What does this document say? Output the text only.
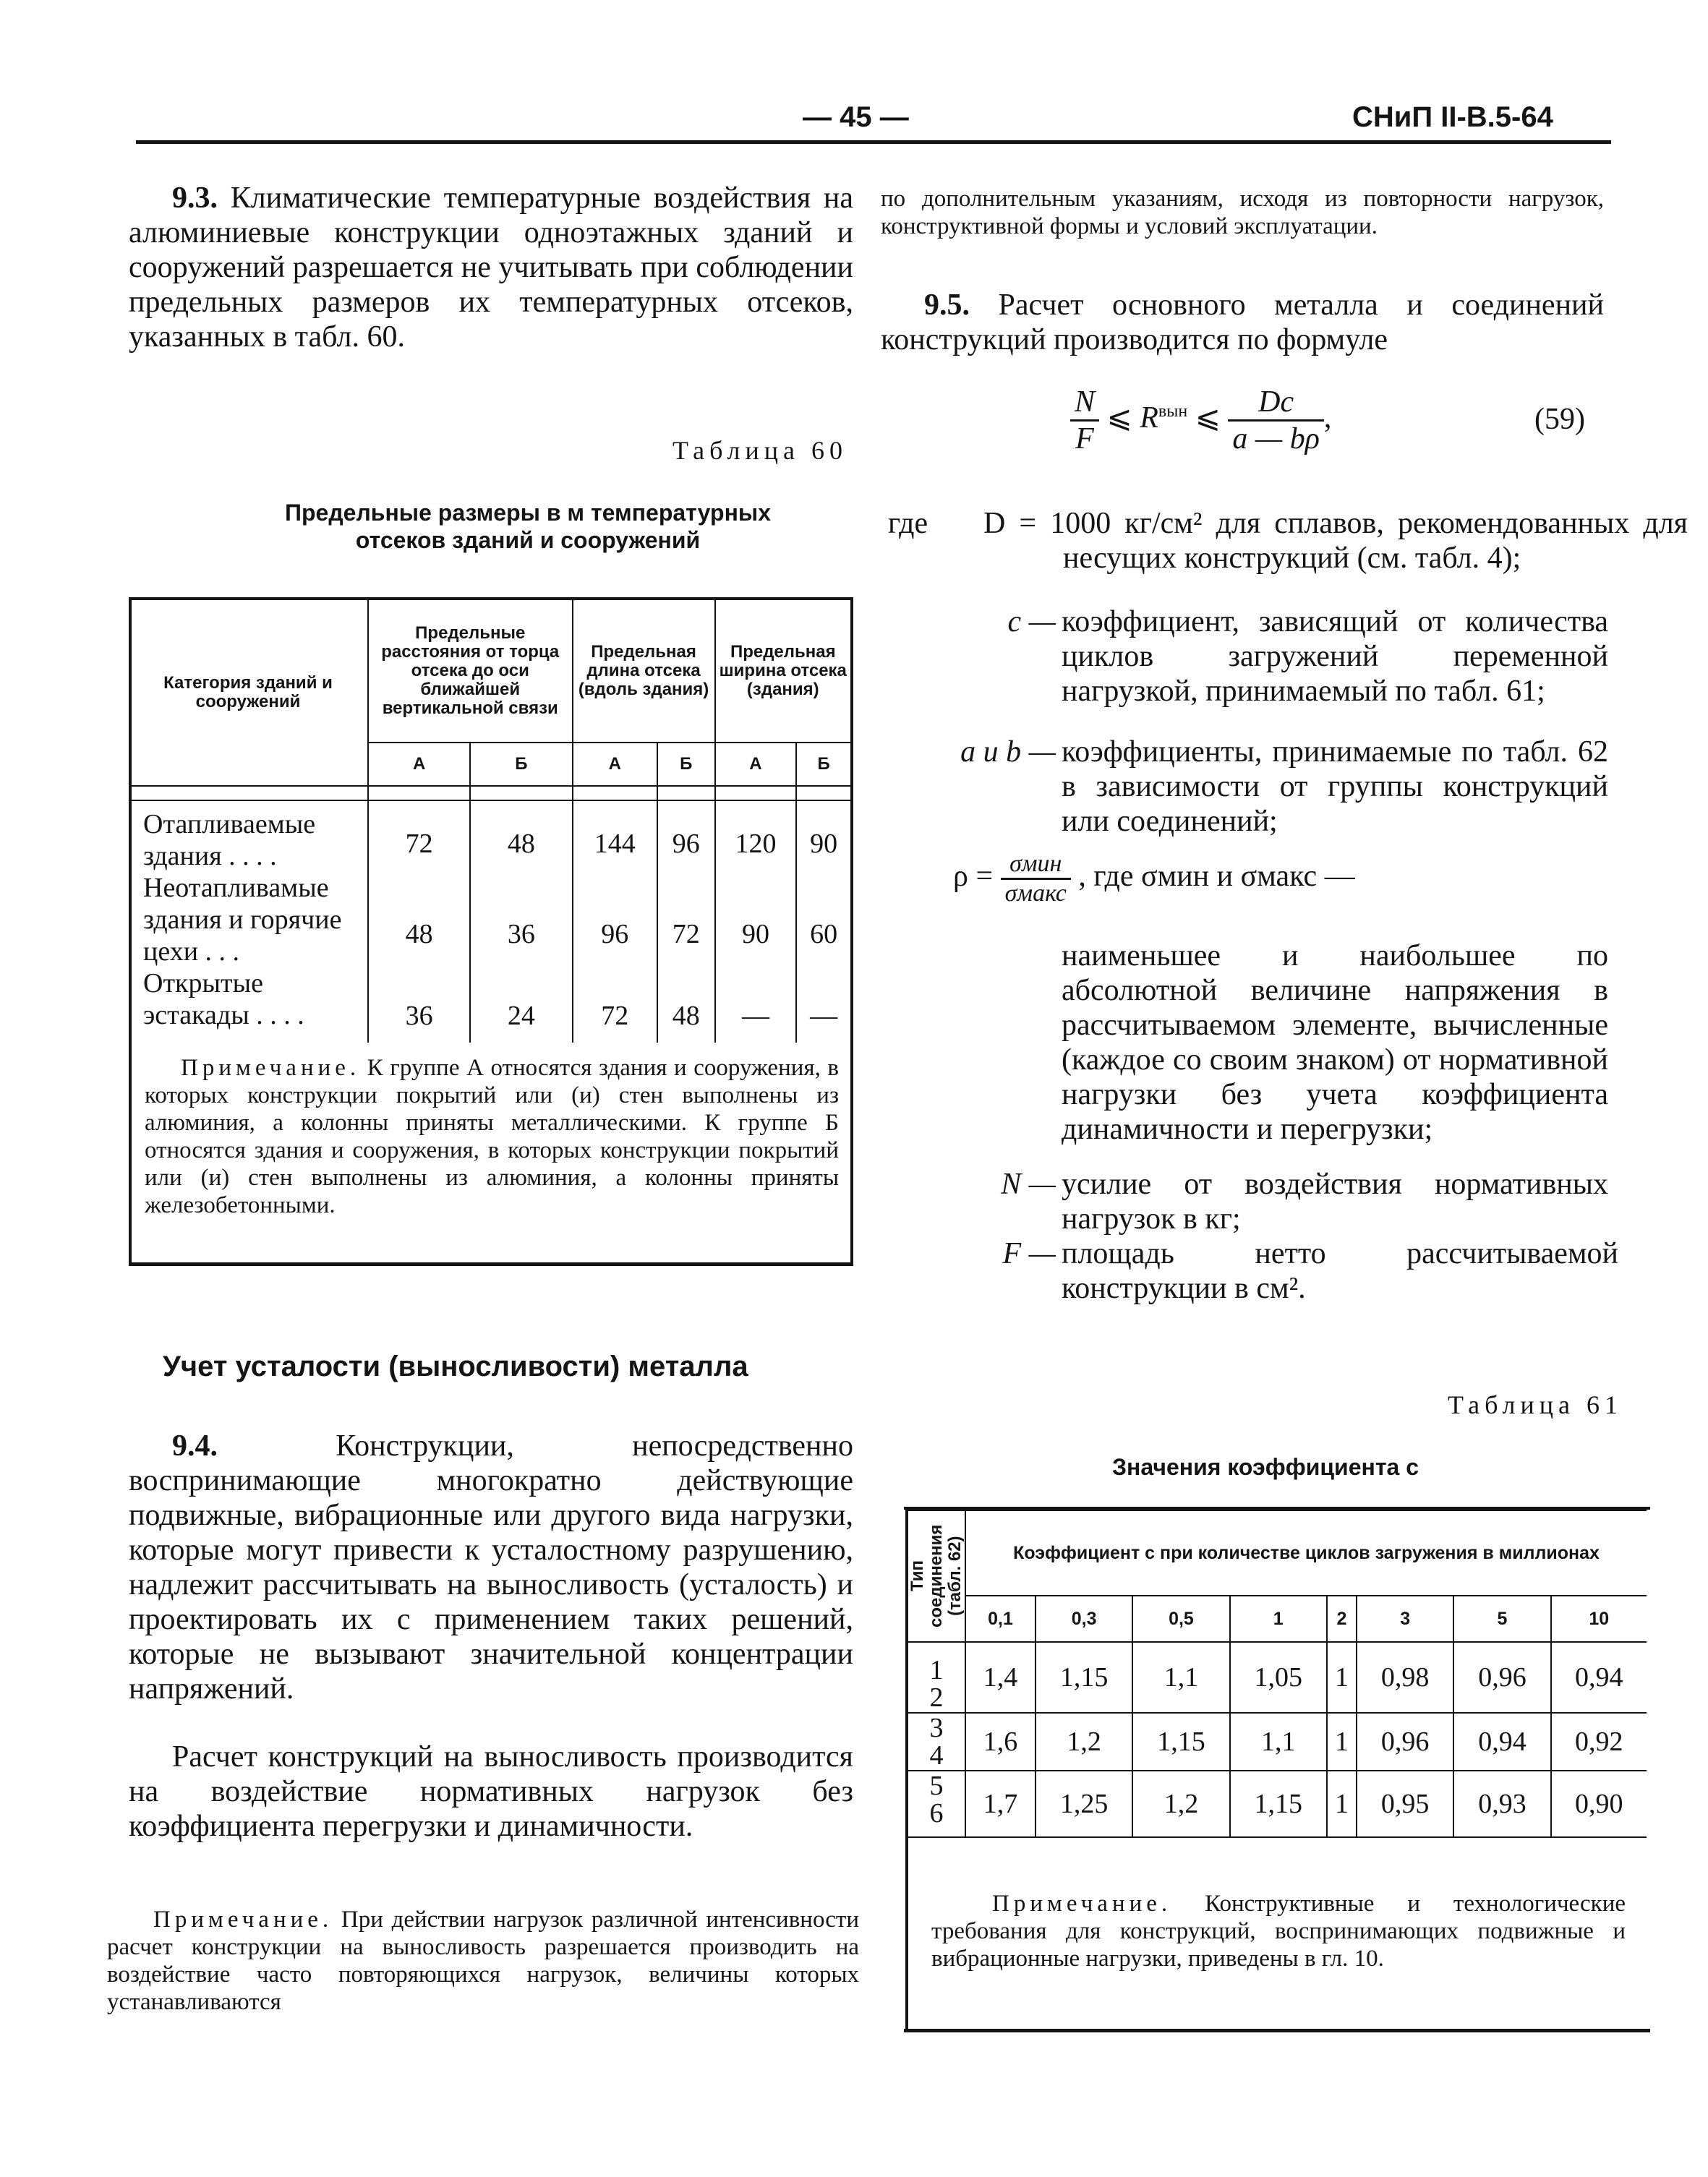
— 45 —	СНиП II-В.5-64
9.3. Климатические температурные воздействия на алюминиевые конструкции одноэтажных зданий и сооружений разрешается не учитывать при соблюдении предельных размеров их температурных отсеков, указанных в табл. 60.
Таблица 60
Предельные размеры в м температурных отсеков зданий и сооружений
Категория зданий и сооружений	Предельные расстояния от торца отсека до оси ближайшей вертикальной связи		Предельная длина отсека (вдоль здания)		Предельная ширина отсека (здания)	
	А	Б	А	Б	А	Б
Отапливаемые здания . . . .	72	48	144	96	120	90
Неотапливамые здания и горячие цехи . . .	48	36	96	72	90	60
Открытые эстакады . . . .	36	24	72	48	—	—
Примечание. К группе А относятся здания и сооружения, в которых конструкции покрытий или (и) стен выполнены из алюминия, а колонны приняты металлическими. К группе Б относятся здания и сооружения, в которых конструкции покрытий или (и) стен выполнены из алюминия, а колонны приняты железобетонными.
Учет усталости (выносливости) металла
9.4.	Конструкции, непосредственно воспринимающие многократно действующие подвижные, вибрационные или другого вида нагрузки, которые могут привести к усталостному разрушению, надлежит рассчитывать на выносливость (усталость) и проектировать их с применением таких решений, которые не вызывают значительной концентрации напряжений.
Расчет конструкций на выносливость производится на воздействие нормативных нагрузок без коэффициента перегрузки и динамичности.
Примечание. При действии нагрузок различной интенсивности расчет конструкции на выносливость разрешается производить на воздействие часто повторяющихся нагрузок, величины которых устанавливаются
по дополнительным указаниям, исходя из повторности нагрузок, конструктивной формы и условий эксплуатации.
9.5. Расчет основного металла и соединений конструкций производится по формуле
$\frac{N}{F}$ ⩽ $R^{вын}$ ⩽ $\frac{Dc}{a — b\rho}$ ,	(59)
где D = 1000 кг/см² для сплавов, рекомендованных для несущих конструкций (см. табл. 4);
c — коэффициент, зависящий от количества циклов загружений переменной нагрузкой, принимаемый по табл. 61;
a и b — коэффициенты, принимаемые по табл. 62 в зависимости от группы конструкций или соединений;
$\rho = \frac{\text{σмин}}{\text{σмакс}}$ , где σмин и σмакс —
наименьшее и наибольшее по абсолютной величине напряжения в рассчитываемом элементе, вычисленные (каждое со своим знаком) от нормативной нагрузки без учета коэффициента динамичности и перегрузки;
N — усилие от воздействия нормативных нагрузок в кг;
F — площадь нетто рассчитываемой конструкции в см².
Таблица 61
Значения коэффициента c
Тип соединения (табл. 62)	Коэффициент c при количестве циклов загружения в миллионах							
	0,1	0,3	0,5	1	2	3	5	10
1
2	1,4	1,15	1,1	1,05	1	0,98	0,96	0,94
3
4	1,6	1,2	1,15	1,1	1	0,96	0,94	0,92
5
6	1,7	1,25	1,2	1,15	1	0,95	0,93	0,90
Примечание. Конструктивные и технологические требования для конструкций, воспринимающих подвижные и вибрационные нагрузки, приведены в гл. 10.
